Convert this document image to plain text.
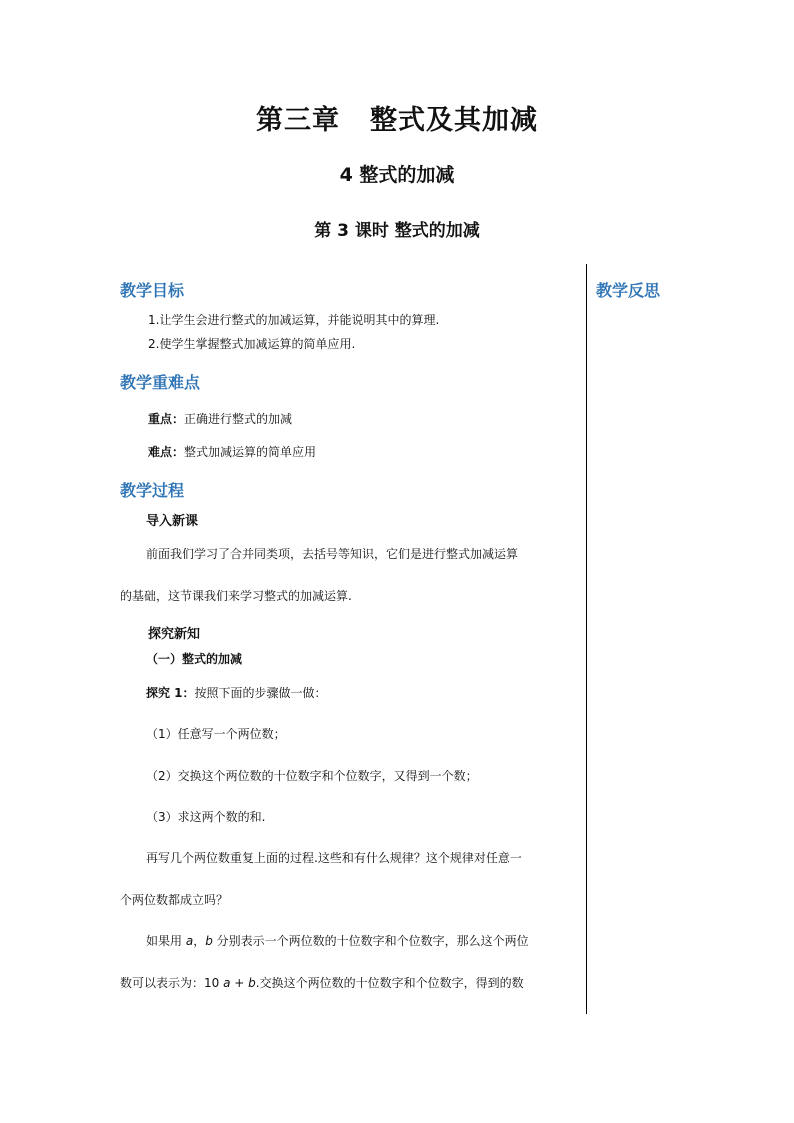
第三章 整式及其加减
4 整式的加减
第 3 课时 整式的加减
教学反思
教学目标
1.让学生会进行整式的加减运算，并能说明其中的算理.
2.使学生掌握整式加减运算的简单应用.
教学重难点
重点：正确进行整式的加减
难点：整式加减运算的简单应用
教学过程
导入新课
前面我们学习了合并同类项，去括号等知识，它们是进行整式加减运算
的基础，这节课我们来学习整式的加减运算.
探究新知
（一）整式的加减
探究 1：按照下面的步骤做一做：
（1）任意写一个两位数；
（2）交换这个两位数的十位数字和个位数字，又得到一个数；
（3）求这两个数的和.
再写几个两位数重复上面的过程.这些和有什么规律？这个规律对任意一
个两位数都成立吗？
如果用 a，b 分别表示一个两位数的十位数字和个位数字，那么这个两位
数可以表示为：10 a + b.交换这个两位数的十位数字和个位数字，得到的数
